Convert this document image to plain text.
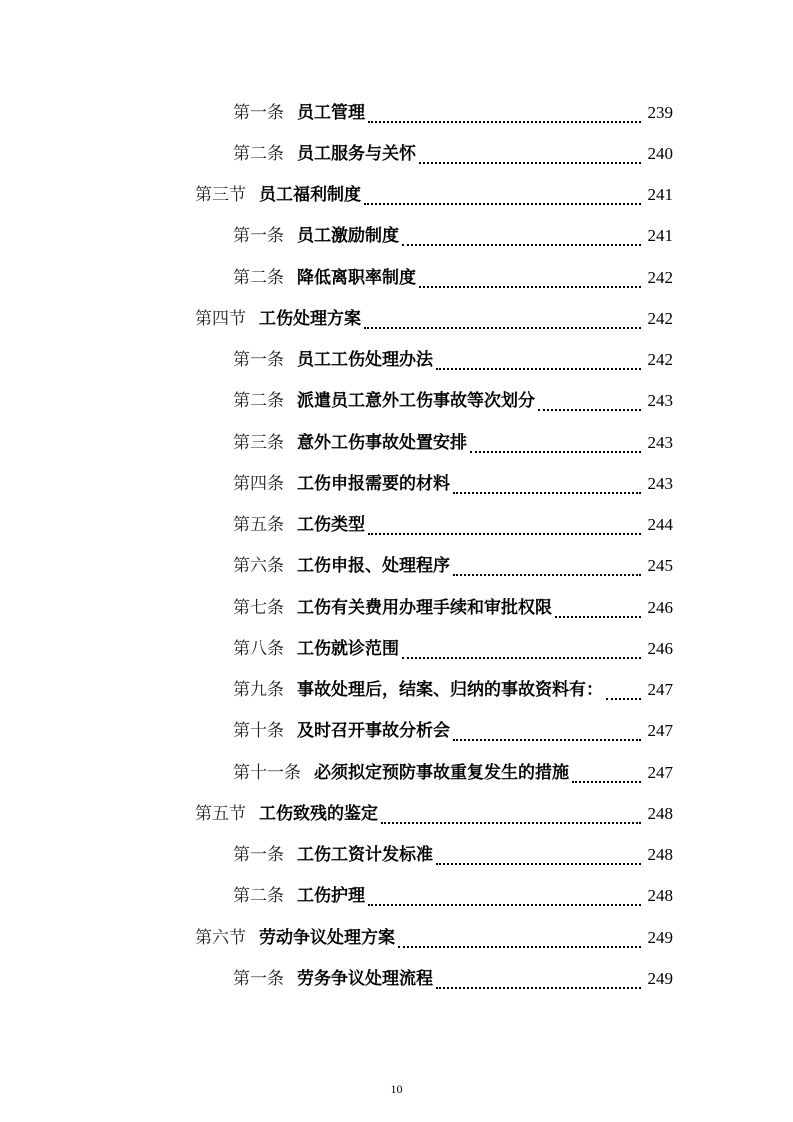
第一条 员工管理	239
第二条 员工服务与关怀	240
第三节 员工福利制度	241
第一条 员工激励制度	241
第二条 降低离职率制度	242
第四节 工伤处理方案	242
第一条 员工工伤处理办法	242
第二条 派遣员工意外工伤事故等次划分	243
第三条 意外工伤事故处置安排	243
第四条 工伤申报需要的材料	243
第五条 工伤类型	244
第六条 工伤申报、处理程序	245
第七条 工伤有关费用办理手续和审批权限	246
第八条 工伤就诊范围	246
第九条 事故处理后，结案、归纳的事故资料有：	247
第十条 及时召开事故分析会	247
第十一条 必须拟定预防事故重复发生的措施	247
第五节 工伤致残的鉴定	248
第一条 工伤工资计发标准	248
第二条 工伤护理	248
第六节 劳动争议处理方案	249
第一条 劳务争议处理流程	249
10
